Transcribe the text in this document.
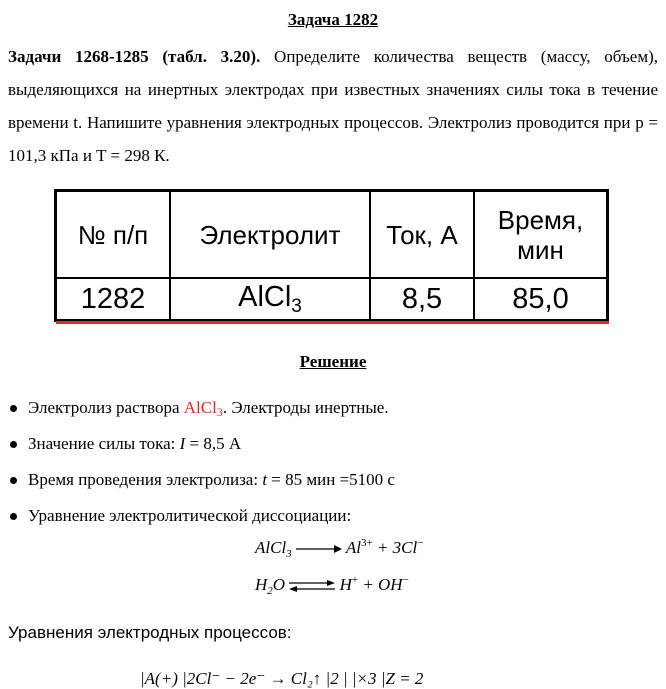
Задача 1282
Задачи 1268-1285 (табл. 3.20). Определите количества веществ (массу, объем), выделяющихся на инертных электродах при известных значениях силы тока в течение времени t. Напишите уравнения электродных процессов. Электролиз проводится при p = 101,3 кПа и T = 298 К.
№ п/п	Электролит	Ток, А	Время, мин
1282	AlCl$_3$	8,5	85,0
Решение
Электролиз раствора AlCl3. Электроды инертные.
Значение силы тока: I = 8,5 А
Время проведения электролиза: t = 85 мин =5100 с
Уравнение электролитической диссоциации:
AlCl$_3$	$Al^{3+} + 3Cl^-$
$H_2O$ ⇌ H+ + OH−
Уравнения электродных процессов:
|A(+) |2Cl⁻ − 2e⁻ → Cl₂↑ |2 | |×3 |Z = 2
